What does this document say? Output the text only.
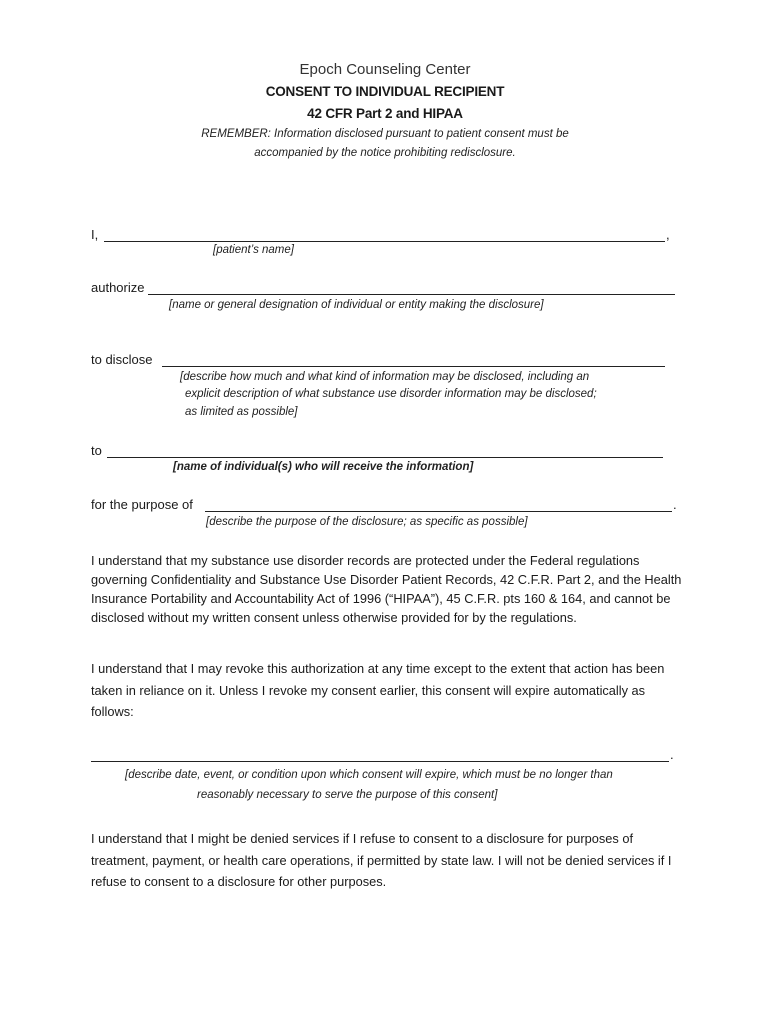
Epoch Counseling Center
CONSENT TO INDIVIDUAL RECIPIENT
42 CFR Part 2 and HIPAA
REMEMBER: Information disclosed pursuant to patient consent must be
accompanied by the notice prohibiting redisclosure.
I,	,
[patient’s name]
authorize
[name or general designation of individual or entity making the disclosure]
to disclose
[describe how much and what kind of information may be disclosed, including an
explicit description of what substance use disorder information may be disclosed;
as limited as possible]
to
[name of individual(s) who will receive the information]
for the purpose of	.
[describe the purpose of the disclosure; as specific as possible]
I understand that my substance use disorder records are protected under the Federal regulations governing Confidentiality and Substance Use Disorder Patient Records, 42 C.F.R. Part 2, and the Health Insurance Portability and Accountability Act of 1996 (“HIPAA”), 45 C.F.R. pts 160 & 164, and cannot be disclosed without my written consent unless otherwise provided for by the regulations.
I understand that I may revoke this authorization at any time except to the extent that action has been taken in reliance on it. Unless I revoke my consent earlier, this consent will expire automatically as follows:
.
[describe date, event, or condition upon which consent will expire, which must be no longer than
reasonably necessary to serve the purpose of this consent]
I understand that I might be denied services if I refuse to consent to a disclosure for purposes of treatment, payment, or health care operations, if permitted by state law. I will not be denied services if I refuse to consent to a disclosure for other purposes.
